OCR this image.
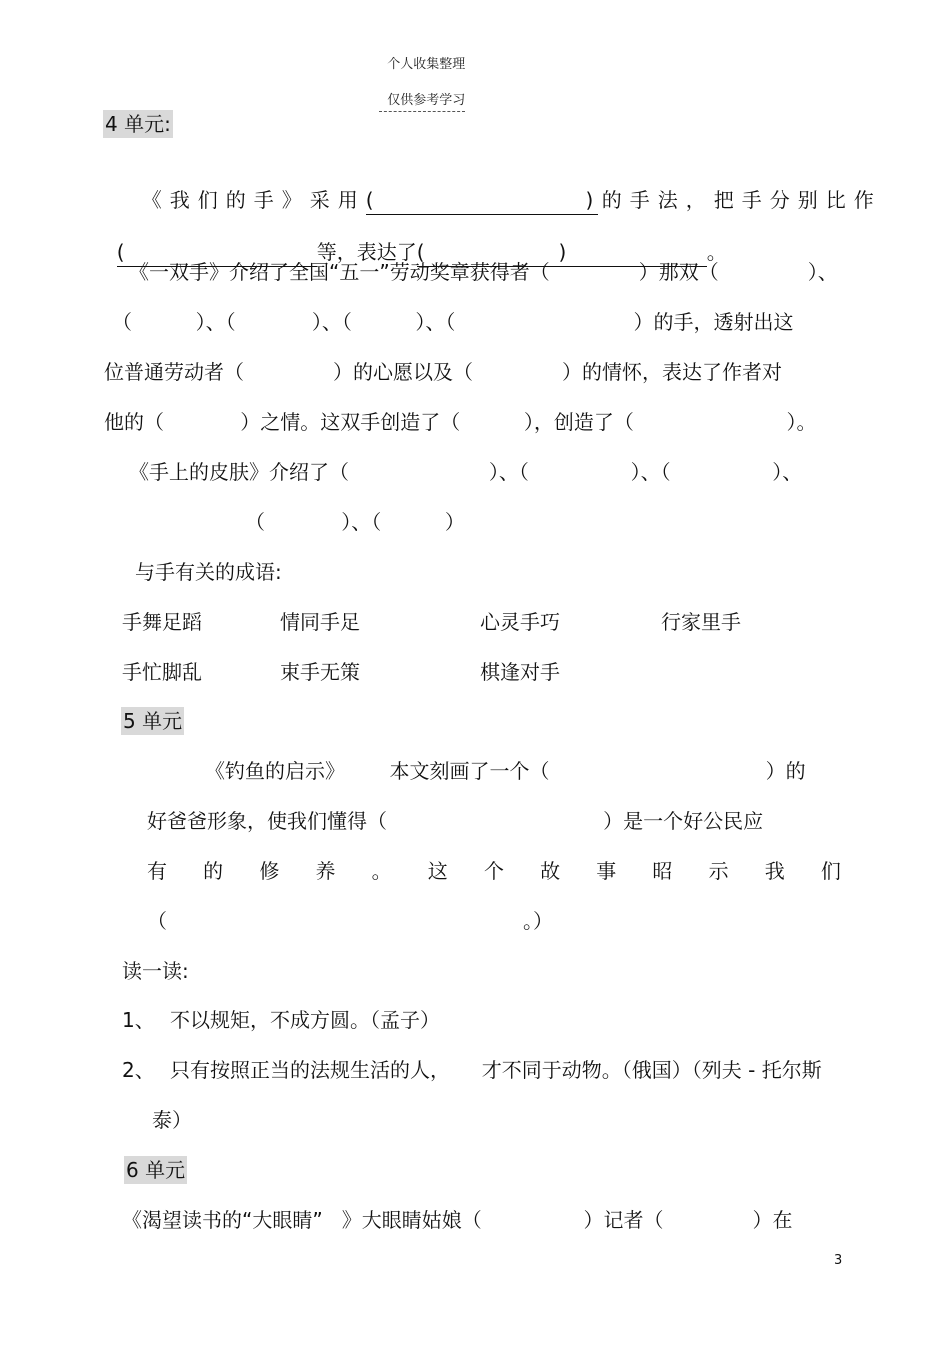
个人收集整理

仅供参考学习

4 单元:

《我们的手》采用(	) 的手法，把手分别比作

(	等，表达了(	)	。

《一双手》介绍了全国“五一”劳动奖章获得者（              ）那双（              ）、
（          ）、（            ）、（          ）、（                            ）的手，透射出这
位普通劳动者（              ）的心愿以及（              ）的情怀，表达了作者对
他的（            ）之情。这双手创造了（          ），创造了（                        ）。
《手上的皮肤》介绍了（                      ）、（                ）、（                ）、
（            ）、（          ）
与手有关的成语:
手舞足蹈	情同手足	心灵手巧	行家里手
手忙脚乱	束手无策	棋逢对手
5 单元
《钓鱼的启示》       本文刻画了一个（                                  ）的
好爸爸形象，使我们懂得（                                  ）是一个好公民应
有 的 修 养 。 这 个 故 事 昭 示 我 们
（                                                        。）
读一读:
1、 不以规矩，不成方圆。（孟子）
2、 只有按照正当的法规生活的人，     才不同于动物。（俄国）（列夫 - 托尔斯
泰）
6 单元
《渴望读书的“大眼睛”   》大眼睛姑娘（                ）记者（              ）在
3
